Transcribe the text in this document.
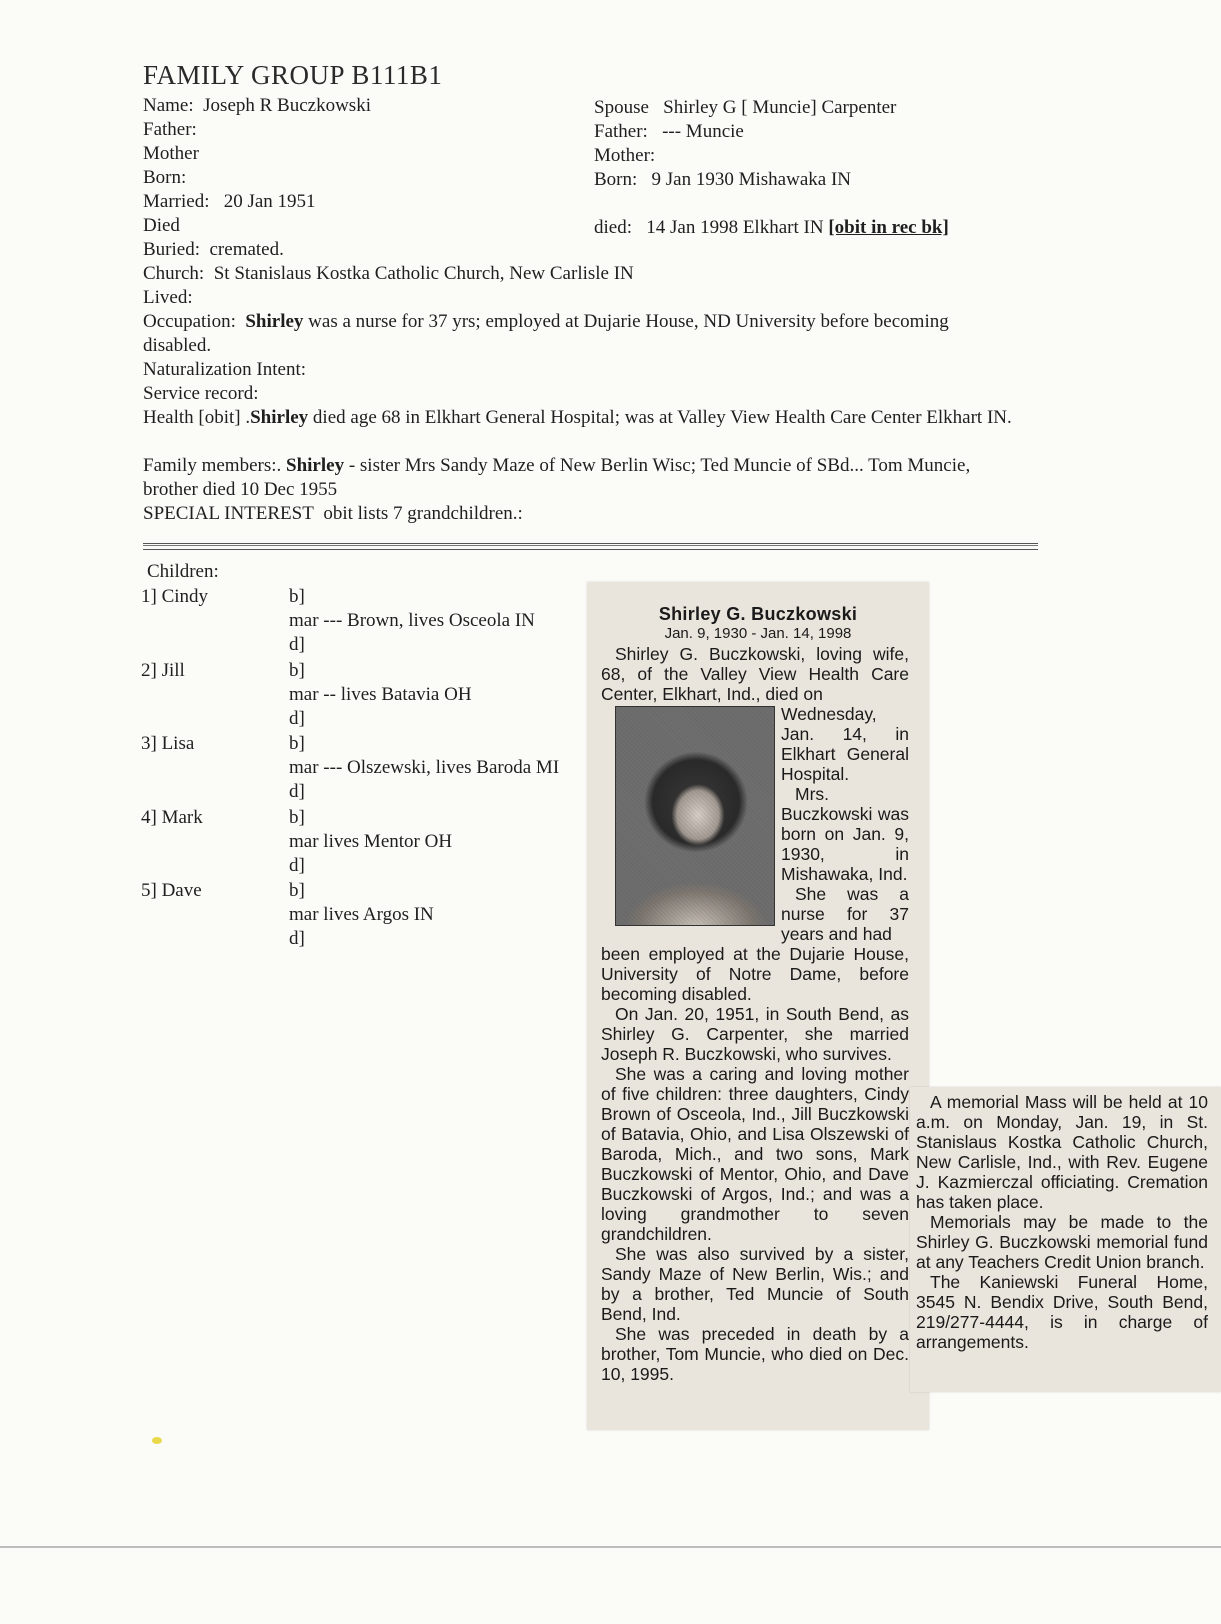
FAMILY GROUP B111B1
Name: Joseph R Buczkowski
Father:
Mother
Born:
Married: 20 Jan 1951
Died
Buried: cremated.
Church: St Stanislaus Kostka Catholic Church, New Carlisle IN
Lived:
Spouse Shirley G [ Muncie] Carpenter
Father: --- Muncie
Mother:
Born: 9 Jan 1930 Mishawaka IN
died: 14 Jan 1998 Elkhart IN [obit in rec bk]
Occupation: Shirley was a nurse for 37 yrs; employed at Dujarie House, ND University before becoming disabled.
Naturalization Intent:
Service record:
Health [obit] .Shirley died age 68 in Elkhart General Hospital; was at Valley View Health Care Center Elkhart IN.
Family members:. Shirley - sister Mrs Sandy Maze of New Berlin Wisc; Ted Muncie of SBd... Tom Muncie, brother died 10 Dec 1955
SPECIAL INTEREST obit lists 7 grandchildren.:
Children:
1] Cindy	b]
mar --- Brown, lives Osceola IN
d]
2] Jill	b]
mar -- lives Batavia OH
d]
3] Lisa	b]
mar --- Olszewski, lives Baroda MI
d]
4] Mark	b]
mar lives Mentor OH
d]
5] Dave	b]
mar lives Argos IN
d]
Shirley G. Buczkowski
Jan. 9, 1930 - Jan. 14, 1998

Shirley G. Buczkowski, loving wife, 68, of the Valley View Health Care Center, Elkhart, Ind., died on

Wednesday, Jan. 14, in Elkhart General Hospital.

Mrs. Buczkowski was born on Jan. 9, 1930, in Mishawaka, Ind.

She was a nurse for 37 years and had

been employed at the Dujarie House, University of Notre Dame, before becoming disabled.

On Jan. 20, 1951, in South Bend, as Shirley G. Carpenter, she married Joseph R. Buczkowski, who survives.

She was a caring and loving mother of five children: three daughters, Cindy Brown of Osceola, Ind., Jill Buczkowski of Batavia, Ohio, and Lisa Olszewski of Baroda, Mich., and two sons, Mark Buczkowski of Mentor, Ohio, and Dave Buczkowski of Argos, Ind.; and was a loving grandmother to seven grandchildren.

She was also survived by a sister, Sandy Maze of New Berlin, Wis.; and by a brother, Ted Muncie of South Bend, Ind.

She was preceded in death by a brother, Tom Muncie, who died on Dec. 10, 1995.

A memorial Mass will be held at 10 a.m. on Monday, Jan. 19, in St. Stanislaus Kostka Catholic Church, New Carlisle, Ind., with Rev. Eugene J. Kazmierczal officiating. Cremation has taken place.

Memorials may be made to the Shirley G. Buczkowski memorial fund at any Teachers Credit Union branch.

The Kaniewski Funeral Home, 3545 N. Bendix Drive, South Bend, 219/277-4444, is in charge of arrangements.
